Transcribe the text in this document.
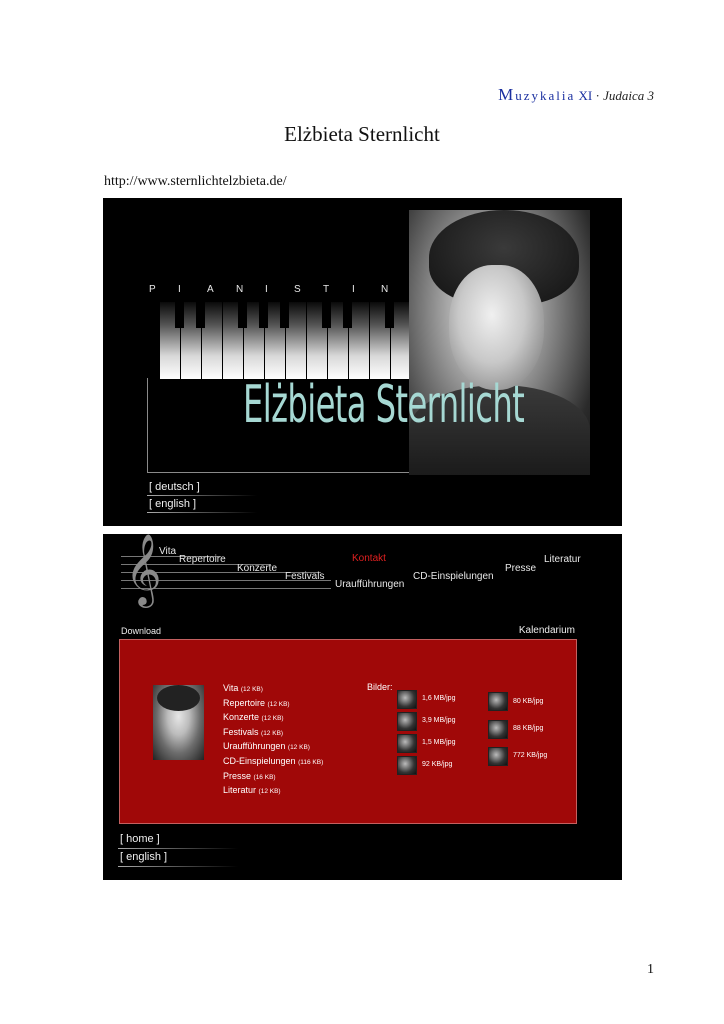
Muzykalia XI · Judaica 3
Elżbieta Sternlicht
http://www.sternlichtelzbieta.de/
P I	A N I	S T I	N
Elżbieta Sternlicht
[ deutsch ]
[ english ]
𝄞
Vita
Repertoire
Konzerte
Festivals
Kontakt
Uraufführungen
CD-Einspielungen
Presse
Literatur
Download	Kalendarium
Vita (12 KB)
Repertoire (12 KB)
Konzerte (12 KB)
Festivals (12 KB)
Uraufführungen (12 KB)
CD-Einspielungen (116 KB)
Presse (16 KB)
Literatur (12 KB)
Bilder:
1,6 MB/jpg
3,9 MB/jpg
1,5 MB/jpg
92 KB/jpg
80 KB/jpg
88 KB/jpg
772 KB/jpg
[ home ]
[ english ]
1
